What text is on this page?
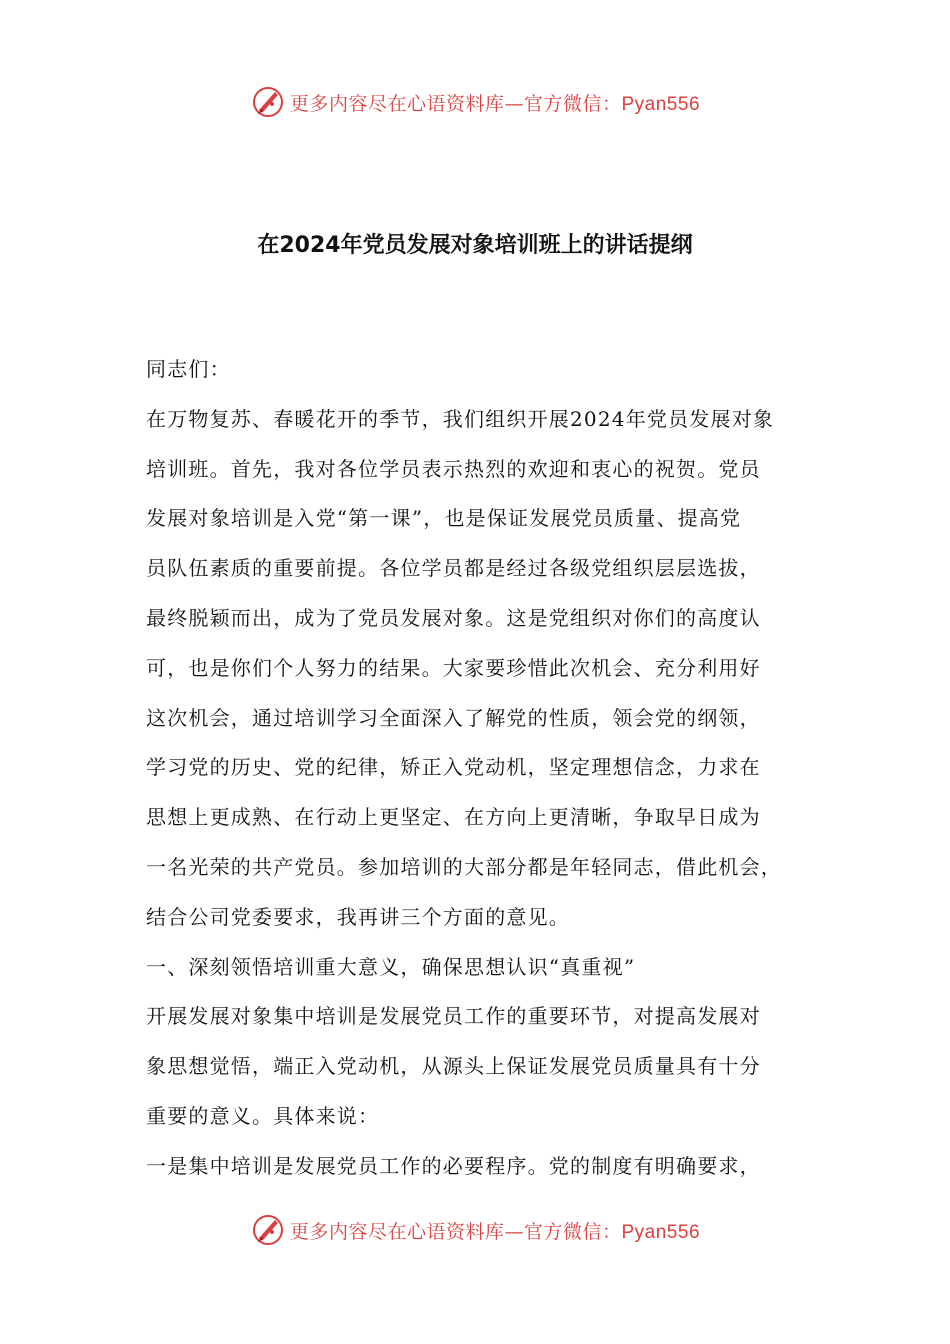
更多内容尽在心语资料库—官方微信：Pyan556
在2024年党员发展对象培训班上的讲话提纲

同志们：

在万物复苏、春暖花开的季节，我们组织开展2024年党员发展对象

培训班。首先，我对各位学员表示热烈的欢迎和衷心的祝贺。党员

发展对象培训是入党“第一课”，也是保证发展党员质量、提高党

员队伍素质的重要前提。各位学员都是经过各级党组织层层选拔，

最终脱颖而出，成为了党员发展对象。这是党组织对你们的高度认

可，也是你们个人努力的结果。大家要珍惜此次机会、充分利用好

这次机会，通过培训学习全面深入了解党的性质，领会党的纲领，

学习党的历史、党的纪律，矫正入党动机，坚定理想信念，力求在

思想上更成熟、在行动上更坚定、在方向上更清晰，争取早日成为

一名光荣的共产党员。参加培训的大部分都是年轻同志，借此机会，

结合公司党委要求，我再讲三个方面的意见。

一、深刻领悟培训重大意义，确保思想认识“真重视”

开展发展对象集中培训是发展党员工作的重要环节，对提高发展对

象思想觉悟，端正入党动机，从源头上保证发展党员质量具有十分

重要的意义。具体来说：

一是集中培训是发展党员工作的必要程序。党的制度有明确要求，

更多内容尽在心语资料库—官方微信：Pyan556
